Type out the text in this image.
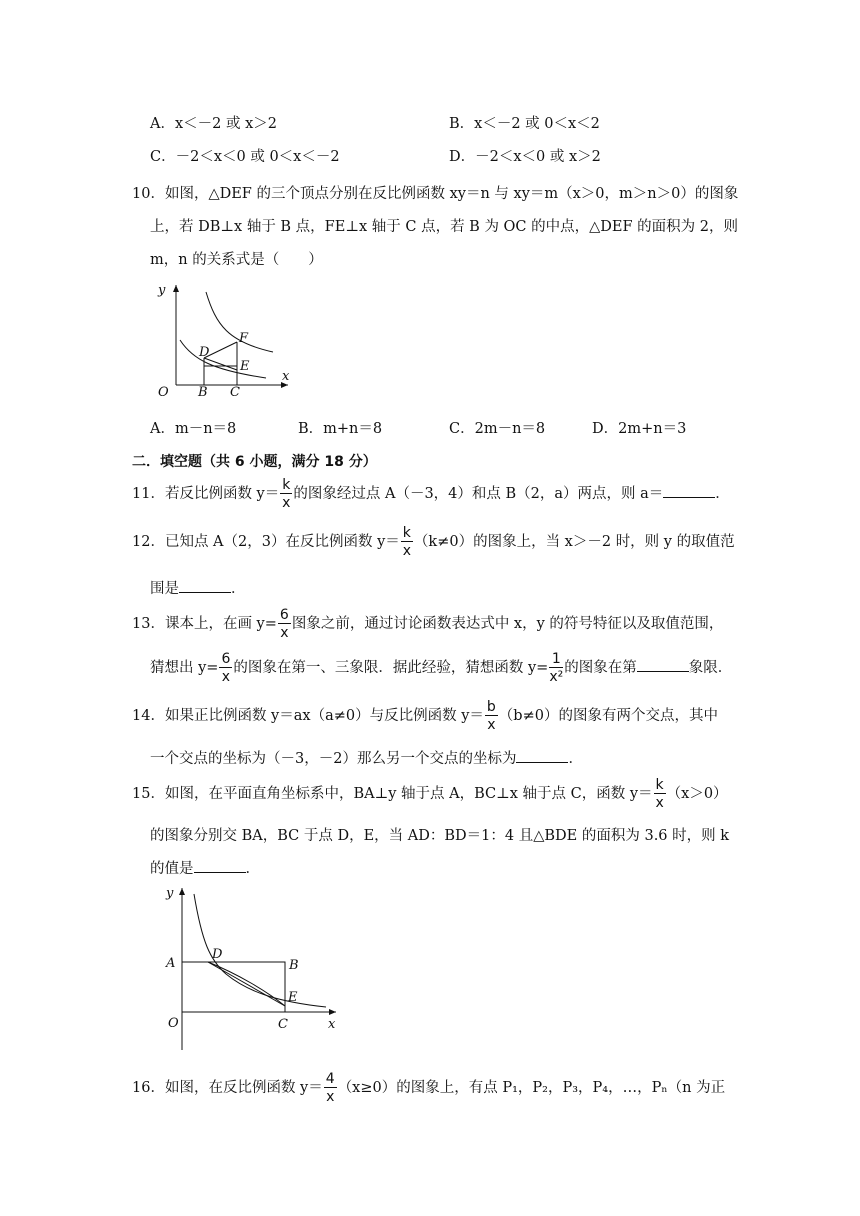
A．x＜－2 或 x＞2	B．x＜－2 或 0＜x＜2
C．－2＜x＜0 或 0＜x＜－2	D．－2＜x＜0 或 x＞2
10．如图，△DEF 的三个顶点分别在反比例函数 xy＝n 与 xy＝m（x＞0，m＞n＞0）的图象
上，若 DB⊥x 轴于 B 点，FE⊥x 轴于 C 点，若 B 为 OC 的中点，△DEF 的面积为 2，则
m，n 的关系式是（　　）
y
x
O B C
D
E
F
A．m－n＝8	B．m+n＝8	C．2m－n＝8	D．2m+n＝3
二．填空题（共 6 小题，满分 18 分）
11．若反比例函数 $y= \frac{k}{x}$ 的图象经过点 A（－3，4）和点 B（2，a）两点，则 a＝	．
12．已知点 A（2，3）在反比例函数 $y= \frac{k}{x} (k\ne 0)$的图象上，当 x＞－2 时，则 y 的取值范
围是	．
13．课本上，在画 $y= \frac{6}{x}$ 图象之前，通过讨论函数表达式中 x，y 的符号特征以及取值范围，
猜想出 $y= \frac{6}{x}$ 的图象在第一、三象限．据此经验，猜想函数 $y= \frac{1}{\text{x²}}$ 的图象在第	象限．
14．如果正比例函数 y＝ax（a≠0）与反比例函数 $y= \frac{b}{x} (b\ne 0)$的图象有两个交点，其中
一个交点的坐标为（－3，－2）那么另一个交点的坐标为	．
15．如图，在平面直角坐标系中，BA⊥y 轴于点 A，BC⊥x 轴于点 C，函数 $y= \frac{k}{x} (x>0)$
的图象分别交 BA，BC 于点 D，E，当 AD：BD＝1：4 且△BDE 的面积为 3.6 时，则 k
的值是	．
y
x
O
A	B
C
D
E
16．如图，在反比例函数 $y= \frac{4}{x} (x\ge 0)$的图象上，有点 P₁，P₂，P₃，P₄，…，Pₙ（n 为正
